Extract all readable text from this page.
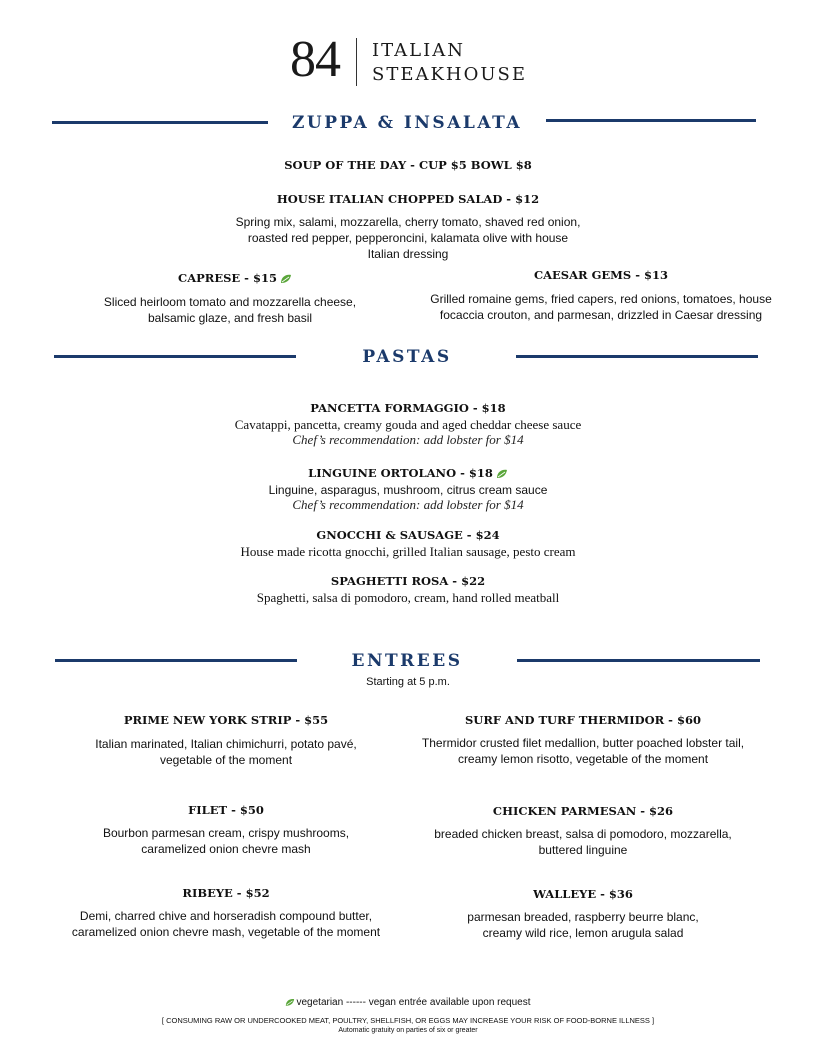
84 ITALIAN
STEAKHOUSE
ZUPPA & INSALATA
SOUP OF THE DAY - CUP $5 BOWL $8
HOUSE ITALIAN CHOPPED SALAD - $12
Spring mix, salami, mozzarella, cherry tomato, shaved red onion,
roasted red pepper, pepperoncini, kalamata olive with house
Italian dressing
CAPRESE - $15
Sliced heirloom tomato and mozzarella cheese,
balsamic glaze, and fresh basil
CAESAR GEMS - $13
Grilled romaine gems, fried capers, red onions, tomatoes, house
focaccia crouton, and parmesan, drizzled in Caesar dressing
PASTAS
PANCETTA FORMAGGIO - $18
Cavatappi, pancetta, creamy gouda and aged cheddar cheese sauce
Chef’s recommendation: add lobster for $14
LINGUINE ORTOLANO - $18
Linguine, asparagus, mushroom, citrus cream sauce
Chef’s recommendation: add lobster for $14
GNOCCHI & SAUSAGE - $24
House made ricotta gnocchi, grilled Italian sausage, pesto cream
SPAGHETTI ROSA - $22
Spaghetti, salsa di pomodoro, cream, hand rolled meatball
ENTREES
Starting at 5 p.m.
PRIME NEW YORK STRIP - $55
Italian marinated, Italian chimichurri, potato pavé,
vegetable of the moment
SURF AND TURF THERMIDOR - $60
Thermidor crusted filet medallion, butter poached lobster tail,
creamy lemon risotto, vegetable of the moment
FILET - $50
Bourbon parmesan cream, crispy mushrooms,
caramelized onion chevre mash
CHICKEN PARMESAN - $26
breaded chicken breast, salsa di pomodoro, mozzarella,
buttered linguine
RIBEYE - $52
Demi, charred chive and horseradish compound butter,
caramelized onion chevre mash, vegetable of the moment
WALLEYE - $36
parmesan breaded, raspberry beurre blanc,
creamy wild rice, lemon arugula salad
vegetarian ------ vegan entrée available upon request
[ CONSUMING RAW OR UNDERCOOKED MEAT, POULTRY, SHELLFISH, OR EGGS MAY INCREASE YOUR RISK OF FOOD-BORNE ILLNESS ]
Automatic gratuity on parties of six or greater
